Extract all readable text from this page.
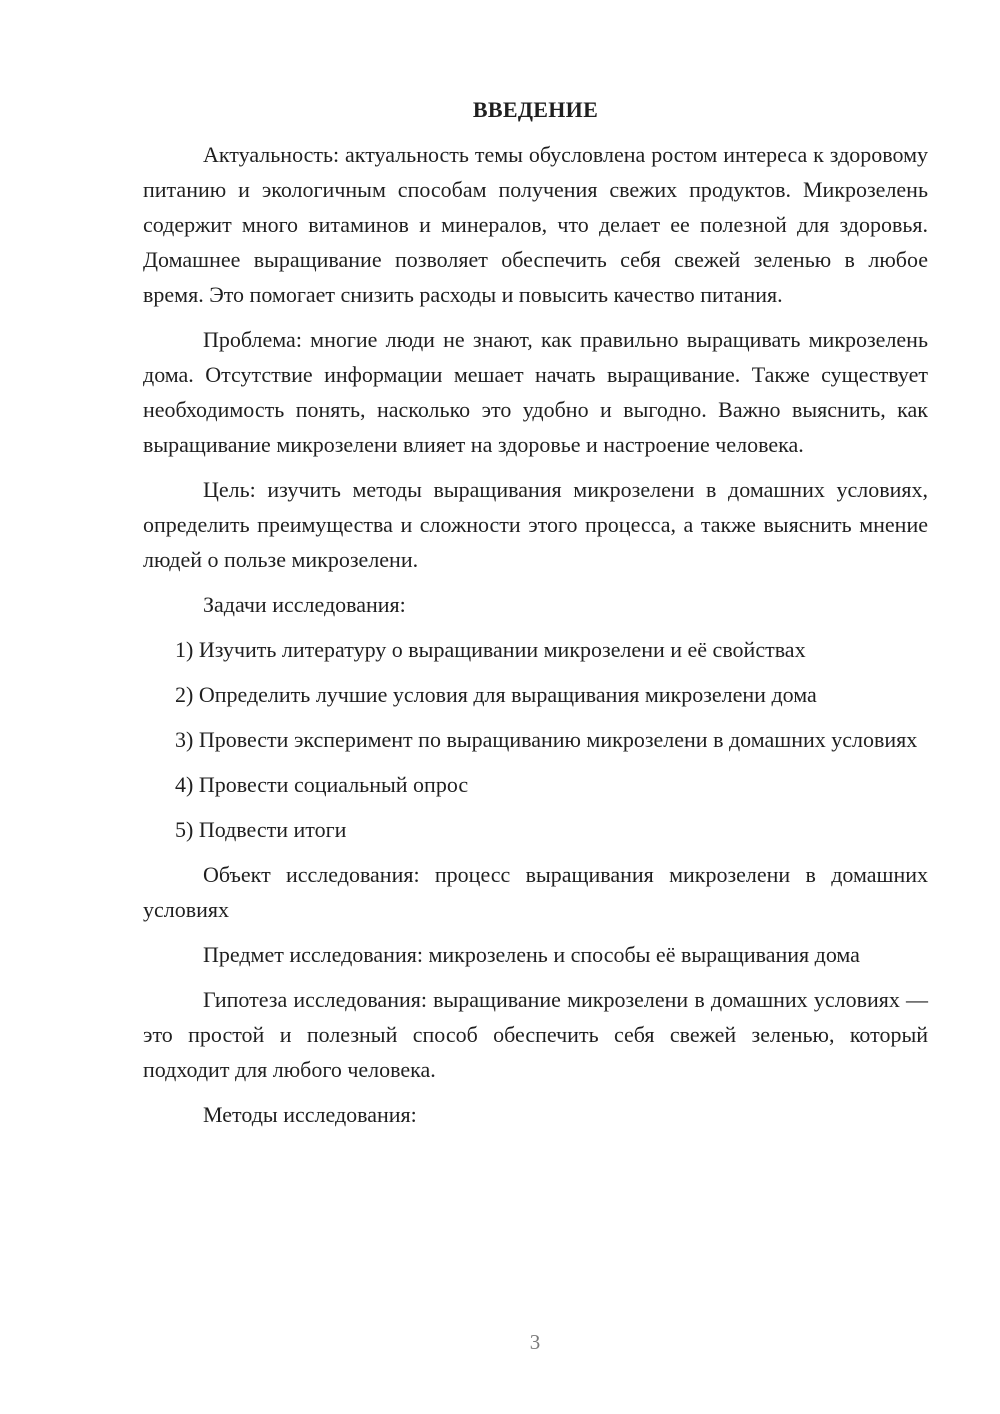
ВВЕДЕНИЕ

Актуальность: актуальность темы обусловлена ростом интереса к здоровому питанию и экологичным способам получения свежих продуктов. Микрозелень содержит много витаминов и минералов, что делает ее полезной для здоровья. Домашнее выращивание позволяет обеспечить себя свежей зеленью в любое время. Это помогает снизить расходы и повысить качество питания.

Проблема: многие люди не знают, как правильно выращивать микрозелень дома. Отсутствие информации мешает начать выращивание. Также существует необходимость понять, насколько это удобно и выгодно. Важно выяснить, как выращивание микрозелени влияет на здоровье и настроение человека.

Цель: изучить методы выращивания микрозелени в домашних условиях, определить преимущества и сложности этого процесса, а также выяснить мнение людей о пользе микрозелени.

Задачи исследования:

1) Изучить литературу о выращивании микрозелени и её свойствах

2) Определить лучшие условия для выращивания микрозелени дома

3) Провести эксперимент по выращиванию микрозелени в домашних условиях

4) Провести социальный опрос

5) Подвести итоги

Объект исследования: процесс выращивания микрозелени в домашних условиях

Предмет исследования: микрозелень и способы её выращивания дома

Гипотеза исследования: выращивание микрозелени в домашних условиях — это простой и полезный способ обеспечить себя свежей зеленью, который подходит для любого человека.

Методы исследования:

3
